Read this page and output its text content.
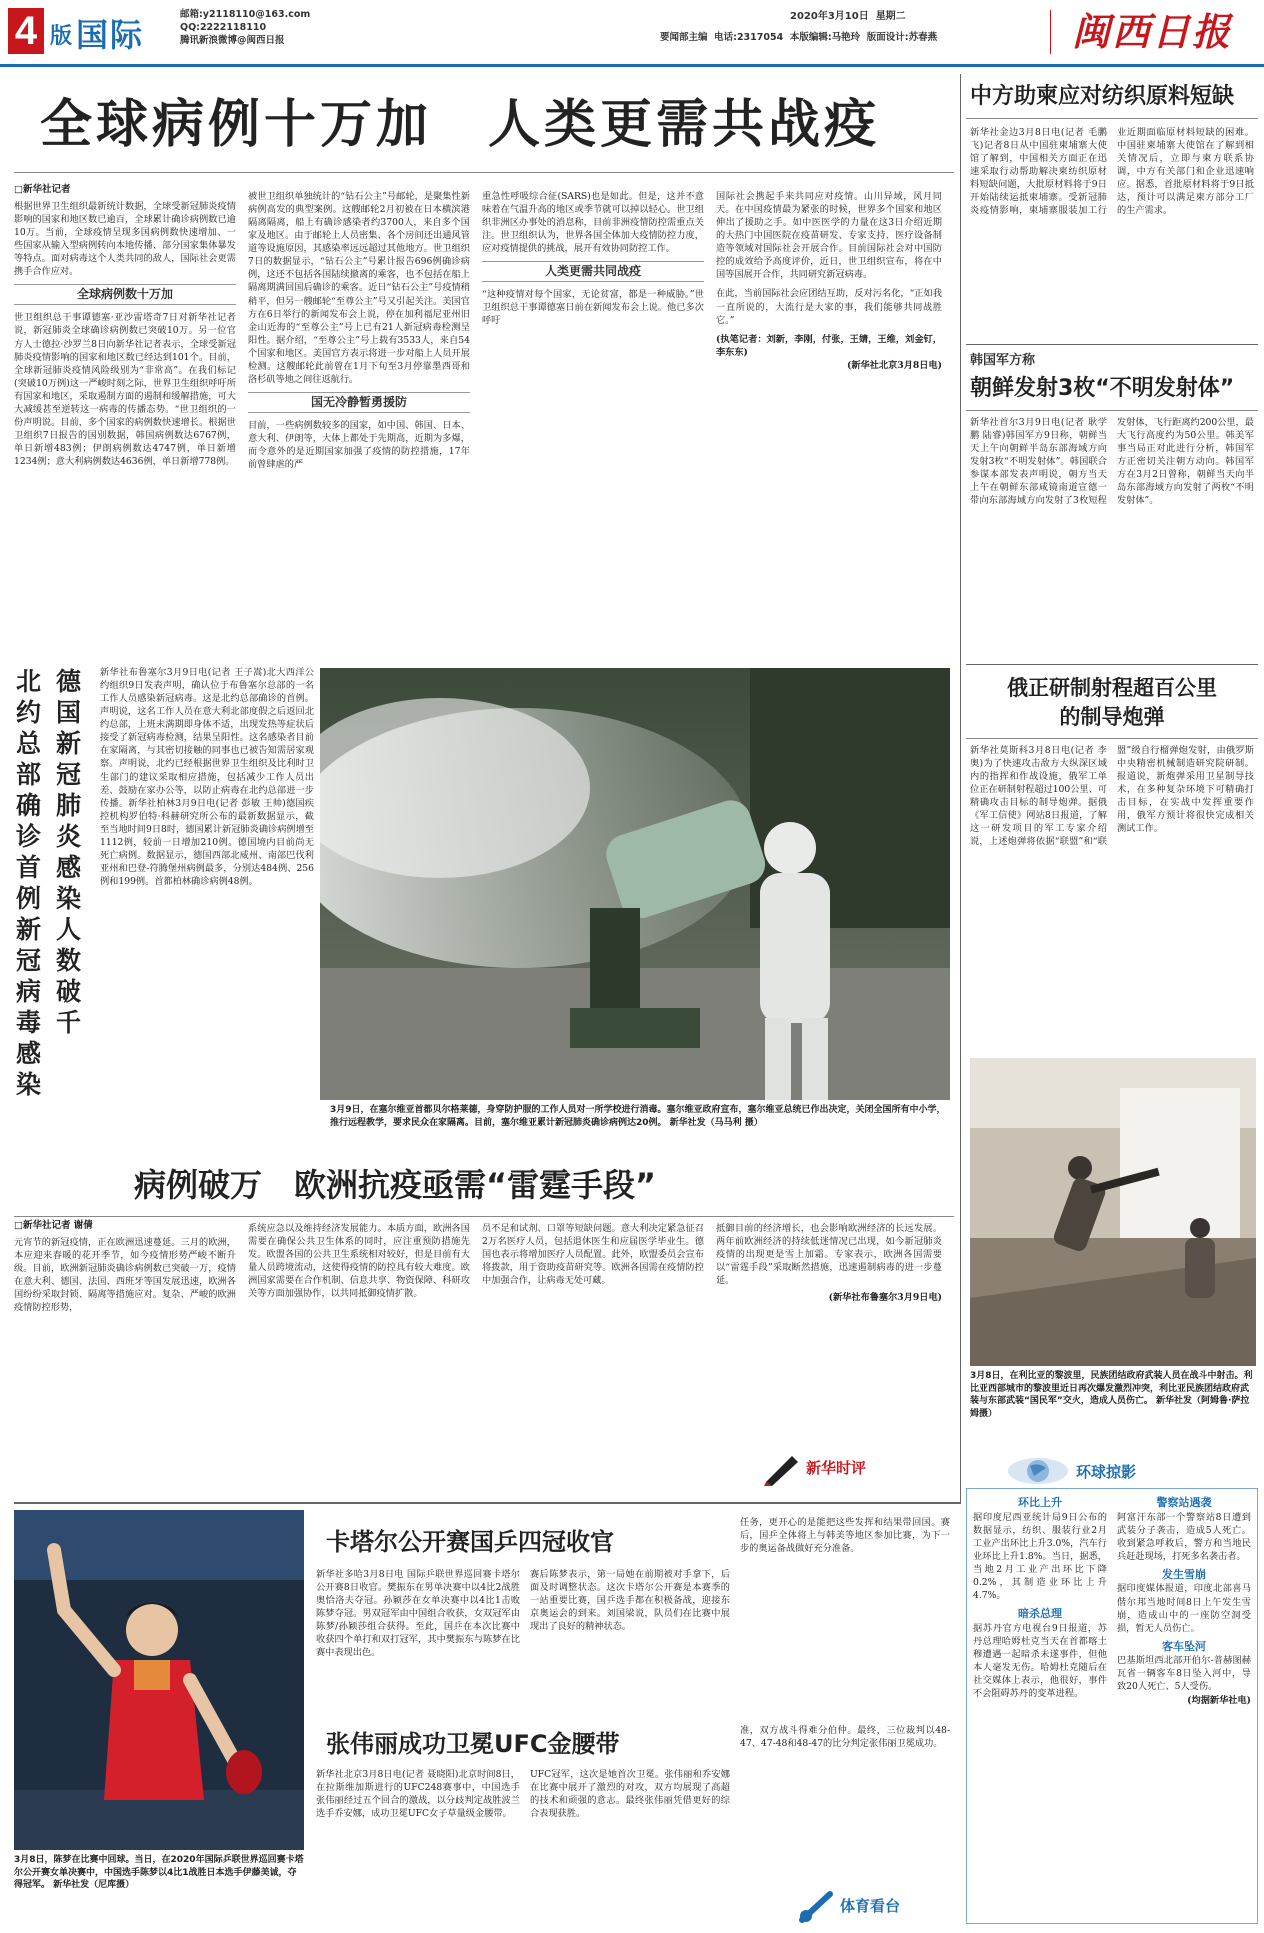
4 版 国际
邮箱:y2118110@163.com
QQ:2222118110
腾讯新浪微博@闽西日报
2020年3月10日 星期二
要闻部主编 电话:2317054 本版编辑:马艳玲 版面设计:苏春燕	闽西日报
全球病例十万加　人类更需共战疫
□新华社记者

根据世界卫生组织最新统计数据，全球受新冠肺炎疫情影响的国家和地区数已逾百，全球累计确诊病例数已逾10万。当前，全球疫情呈现多国病例数快速增加、一些国家从输入型病例转向本地传播、部分国家集体暴发等特点。面对病毒这个人类共同的敌人，国际社会更需携手合作应对。

全球病例数十万加

世卫组织总干事谭德塞·亚沙雷塔奇7日对新华社记者说，新冠肺炎全球确诊病例数已突破10万。另一位官方人士德拉·沙罗兰8日向新华社记者表示，全球受新冠肺炎疫情影响的国家和地区数已经达到101个。目前，全球新冠肺炎疫情风险级别为“非常高”。在我们标记(突破10万例)这一严峻时刻之际，世界卫生组织呼吁所有国家和地区，采取遏制方面的遏制和缓解措施，可大大减缓甚至逆转这一病毒的传播态势。“世卫组织的一份声明说。目前，多个国家的病例数快速增长。根据世卫组织7日报告的国别数据，韩国病例数达6767例，单日新增483例；伊朗病例数达4747例，单日新增1234例；意大利病例数达4636例，单日新增778例。

被世卫组织单独统计的“钻石公主”号邮轮，是聚集性新病例高发的典型案例。这艘邮轮2月初被在日本横滨港隔离隔离，船上有确诊感染者约3700人，来自多个国家及地区。由于邮轮上人员密集、各个房间还出通风管道等设施原因，其感染率远远超过其他地方。世卫组织7日的数据显示，“钻石公主”号累计报告696例确诊病例，这还不包括各国陆续撤离的乘客，也不包括在船上隔离期满回国后确诊的乘客。近日“钻石公主”号疫情稍稍平，但另一艘邮轮“至尊公主”号又引起关注。美国官方在6日举行的新闻发布会上说，停在加利福尼亚州旧金山近海的“至尊公主”号上已有21人新冠病毒检测呈阳性。据介绍，“至尊公主”号上载有3533人，来自54个国家和地区。美国官方表示将进一步对船上人员开展检测。这艘邮轮此前曾在1月下旬至3月停靠墨西哥和洛杉矶等地之间往返航行。

国无冷静暂勇援防

目前，一些病例数较多的国家，如中国、韩国、日本、意大利、伊朗等，大体上都处于先期高，近期为多爆，而令意外的是近期国家加强了疫情的防控措施，17年前曾肆虐的严

重急性呼吸综合征(SARS)也是如此。但是，这并不意味着在气温升高的地区或季节就可以掉以轻心。世卫组织非洲区办事处的消息称，目前非洲疫情防控需重点关注。世卫组织认为，世界各国全体加大疫情防控力度，应对疫情提供的挑战，展开有效协同防控工作。

人类更需共同战疫

“这种疫情对每个国家，无论贫富，都是一种威胁。”世卫组织总干事谭德塞日前在新闻发布会上说。他已多次呼吁

国际社会携起手来共同应对疫情。山川异域，风月同天。在中国疫情最为紧张的时候，世界多个国家和地区伸出了援助之手。如中医医学的力量在这3日介绍近期的大热门中国医院在疫苗研发、专家支持、医疗设备制造等领域对国际社会开展合作。目前国际社会对中国防控的成效给予高度评价，近日，世卫组织宣布，将在中国等国展开合作，共同研究新冠病毒。

在此，当前国际社会应团结互助，反对污名化，“正如我一直所说的，大流行是大家的事，我们能够共同战胜它。”

(执笔记者：刘新，李刚，付张，王婧，王维，刘金钉，李东东)

(新华社北京3月8日电)

北约总部确诊首例新冠病毒感染
德国新冠肺炎感染人数破千
新华社布鲁塞尔3月9日电(记者 王子嵩)北大西洋公约组织9日发表声明，确认位于布鲁塞尔总部的一名工作人员感染新冠病毒。这是北约总部确诊的首例。声明说，这名工作人员在意大利北部度假之后返回北约总部，上班未满期即身体不适，出现发热等症状后接受了新冠病毒检测，结果呈阳性。这名感染者目前在家隔离，与其密切接触的同事也已被告知需居家观察。声明说，北约已经根据世界卫生组织及比利时卫生部门的建议采取相应措施，包括减少工作人员出差、鼓励在家办公等，以防止病毒在北约总部进一步传播。新华社柏林3月9日电(记者 彭敏 王帅)德国疾控机构罗伯特·科赫研究所公布的最新数据显示，截至当地时间9日8时，德国累计新冠肺炎确诊病例增至1112例，较前一日增加210例。德国境内目前尚无死亡病例。数据显示，德国西部北威州、南部巴伐利亚州和巴登-符腾堡州病例最多，分别达484例、256例和199例。首都柏林确诊病例48例。
3月9日，在塞尔维亚首都贝尔格莱德，身穿防护服的工作人员对一所学校进行消毒。塞尔维亚政府宣布，塞尔维亚总统已作出决定，关闭全国所有中小学，推行远程教学，要求民众在家隔离。目前，塞尔维亚累计新冠肺炎确诊病例达20例。 新华社发（马马利 摄）
病例破万　欧洲抗疫亟需“雷霆手段”
□新华社记者 谢倩
元宵节的新冠疫情，正在欧洲迅速蔓延。三月的欧洲，本应迎来春暖的花开季节，如今疫情形势严峻不断升级。目前，欧洲新冠肺炎确诊病例数已突破一万，疫情在意大利、德国、法国、西班牙等国发展迅速，欧洲各国纷纷采取封锁、隔离等措施应对。复杂、严峻的欧洲疫情防控形势，
系统应急以及维持经济发展能力。本质方面，欧洲各国需要在确保公共卫生体系的同时，应注重预防措施先发。欧盟各国的公共卫生系统相对较好，但是目前有大量人员跨境流动，这使得疫情的防控具有较大难度。欧洲国家需要在合作机制、信息共享、物资保障、科研攻关等方面加强协作，以共同抵御疫情扩散。
员不足和试剂、口罩等短缺问题。意大利决定紧急征召2万名医疗人员，包括退休医生和应届医学毕业生。德国也表示将增加医疗人员配置。此外，欧盟委员会宣布将拨款，用于资助疫苗研究等。欧洲各国需在疫情防控中加强合作，让病毒无处可藏。

抵御目前的经济增长，也会影响欧洲经济的长远发展。两年前欧洲经济的持续低迷情况已出现，如今新冠肺炎疫情的出现更是雪上加霜。专家表示，欧洲各国需要以“雷霆手段”采取断然措施，迅速遏制病毒的进一步蔓延。

(新华社布鲁塞尔3月9日电)

新华时评
中方助柬应对纺织原料短缺
新华社金边3月8日电(记者 毛鹏飞)记者8日从中国驻柬埔寨大使馆了解到，中国相关方面正在迅速采取行动帮助解决柬纺织原材料短缺问题，大批原材料将于9日开始陆续运抵柬埔寨。受新冠肺炎疫情影响，柬埔寨服装加工行业近期面临原材料短缺的困难。中国驻柬埔寨大使馆在了解到相关情况后，立即与柬方联系协调，中方有关部门和企业迅速响应。据悉，首批原材料将于9日抵达，预计可以满足柬方部分工厂的生产需求。
韩国军方称
朝鲜发射3枚“不明发射体”
新华社首尔3月9日电(记者 耿学鹏 陆睿)韩国军方9日称，朝鲜当天上午向朝鲜半岛东部海域方向发射3枚“不明发射体”。韩国联合参谋本部发表声明说，朝方当天上午在朝鲜东部咸镜南道宣德一带向东部海域方向发射了3枚短程发射体，飞行距离约200公里，最大飞行高度约为50公里。韩美军事当局正对此进行分析，韩国军方正密切关注朝方动向。韩国军方在3月2日曾称，朝鲜当天向半岛东部海域方向发射了两枚“不明发射体”。
俄正研制射程超百公里
的制导炮弹
新华社莫斯科3月8日电(记者 李奥)为了快速攻击敌方大纵深区域内的指挥和作战设施，俄军工单位正在研制射程超过100公里、可精确攻击目标的制导炮弹。据俄《军工信使》网站8日报道，了解这一研发项目的军工专家介绍说，上述炮弹将依据“联盟”和“联盟”级自行榴弹炮发射，由俄罗斯中央精密机械制造研究院研制。报道说，新炮弹采用卫星制导技术，在多种复杂环境下可精确打击目标，在实战中发挥重要作用，俄军方预计将很快完成相关测试工作。
3月8日，在利比亚的黎波里，民族团结政府武装人员在战斗中射击。利比亚西部城市的黎波里近日再次爆发激烈冲突，利比亚民族团结政府武装与东部武装“国民军”交火，造成人员伤亡。 新华社发（阿姆鲁·萨拉姆摄）
环球掠影
环比上升

据印度尼西亚统计局9日公布的数据显示，纺织、服装行业2月工业产出环比上升3.0%，汽车行业环比上升1.8%。当日，据悉，当地2月工业产出环比下降0.2%，其制造业环比上升4.7%。

暗杀总理

据苏丹官方电视台9日报道，苏丹总理哈姆杜克当天在首都喀土穆遭遇一起暗杀未遂事件，但他本人毫发无伤。哈姆杜克随后在社交媒体上表示，他很好，事件不会阻碍苏丹的变革进程。

警察站遇袭

阿富汗东部一个警察站8日遭到武装分子袭击，造成5人死亡。收到紧急呼救后，警方和当地民兵赶赴现场，打死多名袭击者。

发生雪崩

据印度媒体报道，印度北部喜马偕尔邦当地时间8日上午发生雪崩，造成山中的一座防空洞受损，暂无人员伤亡。

客车坠河

巴基斯坦西北部开伯尔-普赫图赫瓦省一辆客车8日坠入河中，导致20人死亡、5人受伤。

(均据新华社电)

3月8日，陈梦在比赛中回球。当日，在2020年国际乒联世界巡回赛卡塔尔公开赛女单决赛中，中国选手陈梦以4比1战胜日本选手伊藤美诚，夺得冠军。 新华社发（尼库摄）
卡塔尔公开赛国乒四冠收官
新华社多哈3月8日电 国际乒联世界巡回赛卡塔尔公开赛8日收官。樊振东在男单决赛中以4比2战胜奥恰洛夫夺冠。孙颖莎在女单决赛中以4比1击败陈梦夺冠。男双冠军由中国组合收获，女双冠军由陈梦/孙颖莎组合获得。至此，国乒在本次比赛中收获四个单打和双打冠军，其中樊振东与陈梦在比赛中表现出色。
赛后陈梦表示，第一局她在前期被对手拿下，后面及时调整状态。这次卡塔尔公开赛是本赛季的一站重要比赛，国乒选手都在积极备战，迎接东京奥运会的到来。刘国梁说，队员们在比赛中展现出了良好的精神状态。
任务，更开心的是能把这些发挥和结果带回国。赛后，国乒全体将上与韩美等地区参加比赛，为下一步的奥运备战做好充分准备。
张伟丽成功卫冕UFC金腰带
新华社北京3月8日电(记者 聂晓阳)北京时间8日，在拉斯维加斯进行的UFC248赛事中，中国选手张伟丽经过五个回合的激战，以分歧判定战胜波兰选手乔安娜，成功卫冕UFC女子草量级金腰带。
UFC冠军，这次是她首次卫冕。张伟丽和乔安娜在比赛中展开了激烈的对攻，双方均展现了高超的技术和顽强的意志。最终张伟丽凭借更好的综合表现获胜。
准，双方战斗得难分伯仲。最终，三位裁判以48-47、47-48和48-47的比分判定张伟丽卫冕成功。
体育看台
